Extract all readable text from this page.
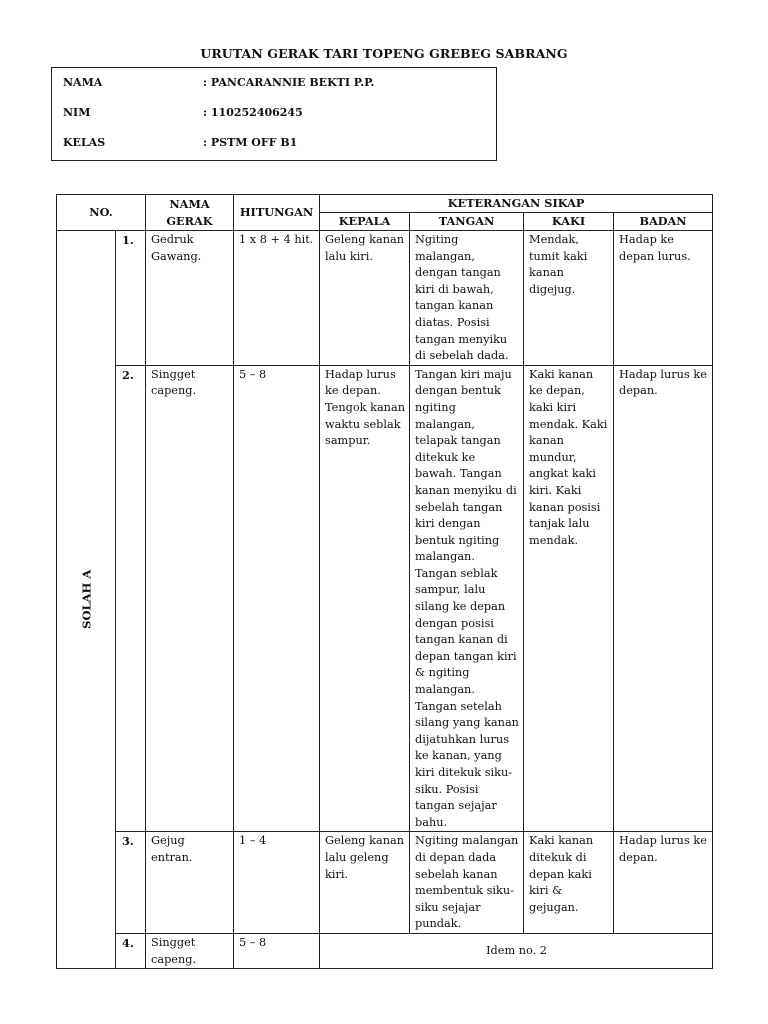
URUTAN GERAK TARI TOPENG GREBEG SABRANG
NAMA	: PANCARANNIE BEKTI P.P.
NIM	: 110252406245
KELAS	: PSTM OFF B1
NO.		NAMA GERAK	HITUNGAN	KETERANGAN SIKAP			
				KEPALA	TANGAN	KAKI	BADAN
SOLAH A	1.	Gedruk Gawang.	1 x 8 + 4 hit.	Geleng kanan lalu kiri.	Ngiting malangan, dengan tangan kiri di bawah, tangan kanan diatas. Posisi tangan menyiku di sebelah dada.	Mendak, tumit kaki kanan digejug.	Hadap ke depan lurus.
	2.	Singget capeng.	5 – 8	Hadap lurus ke depan. Tengok kanan waktu seblak sampur.	Tangan kiri maju dengan bentuk ngiting malangan, telapak tangan ditekuk ke bawah. Tangan kanan menyiku di sebelah tangan kiri dengan bentuk ngiting malangan. Tangan seblak sampur, lalu silang ke depan dengan posisi tangan kanan di depan tangan kiri & ngiting malangan. Tangan setelah silang yang kanan dijatuhkan lurus ke kanan, yang kiri ditekuk siku-siku. Posisi tangan sejajar bahu.	Kaki kanan ke depan, kaki kiri mendak. Kaki kanan mundur, angkat kaki kiri. Kaki kanan posisi tanjak lalu mendak.	Hadap lurus ke depan.
	3.	Gejug entran.	1 – 4	Geleng kanan lalu geleng kiri.	Ngiting malangan di depan dada sebelah kanan membentuk siku-siku sejajar pundak.	Kaki kanan ditekuk di depan kaki kiri & gejugan.	Hadap lurus ke depan.
	4.	Singget capeng.	5 – 8	Idem no. 2			
